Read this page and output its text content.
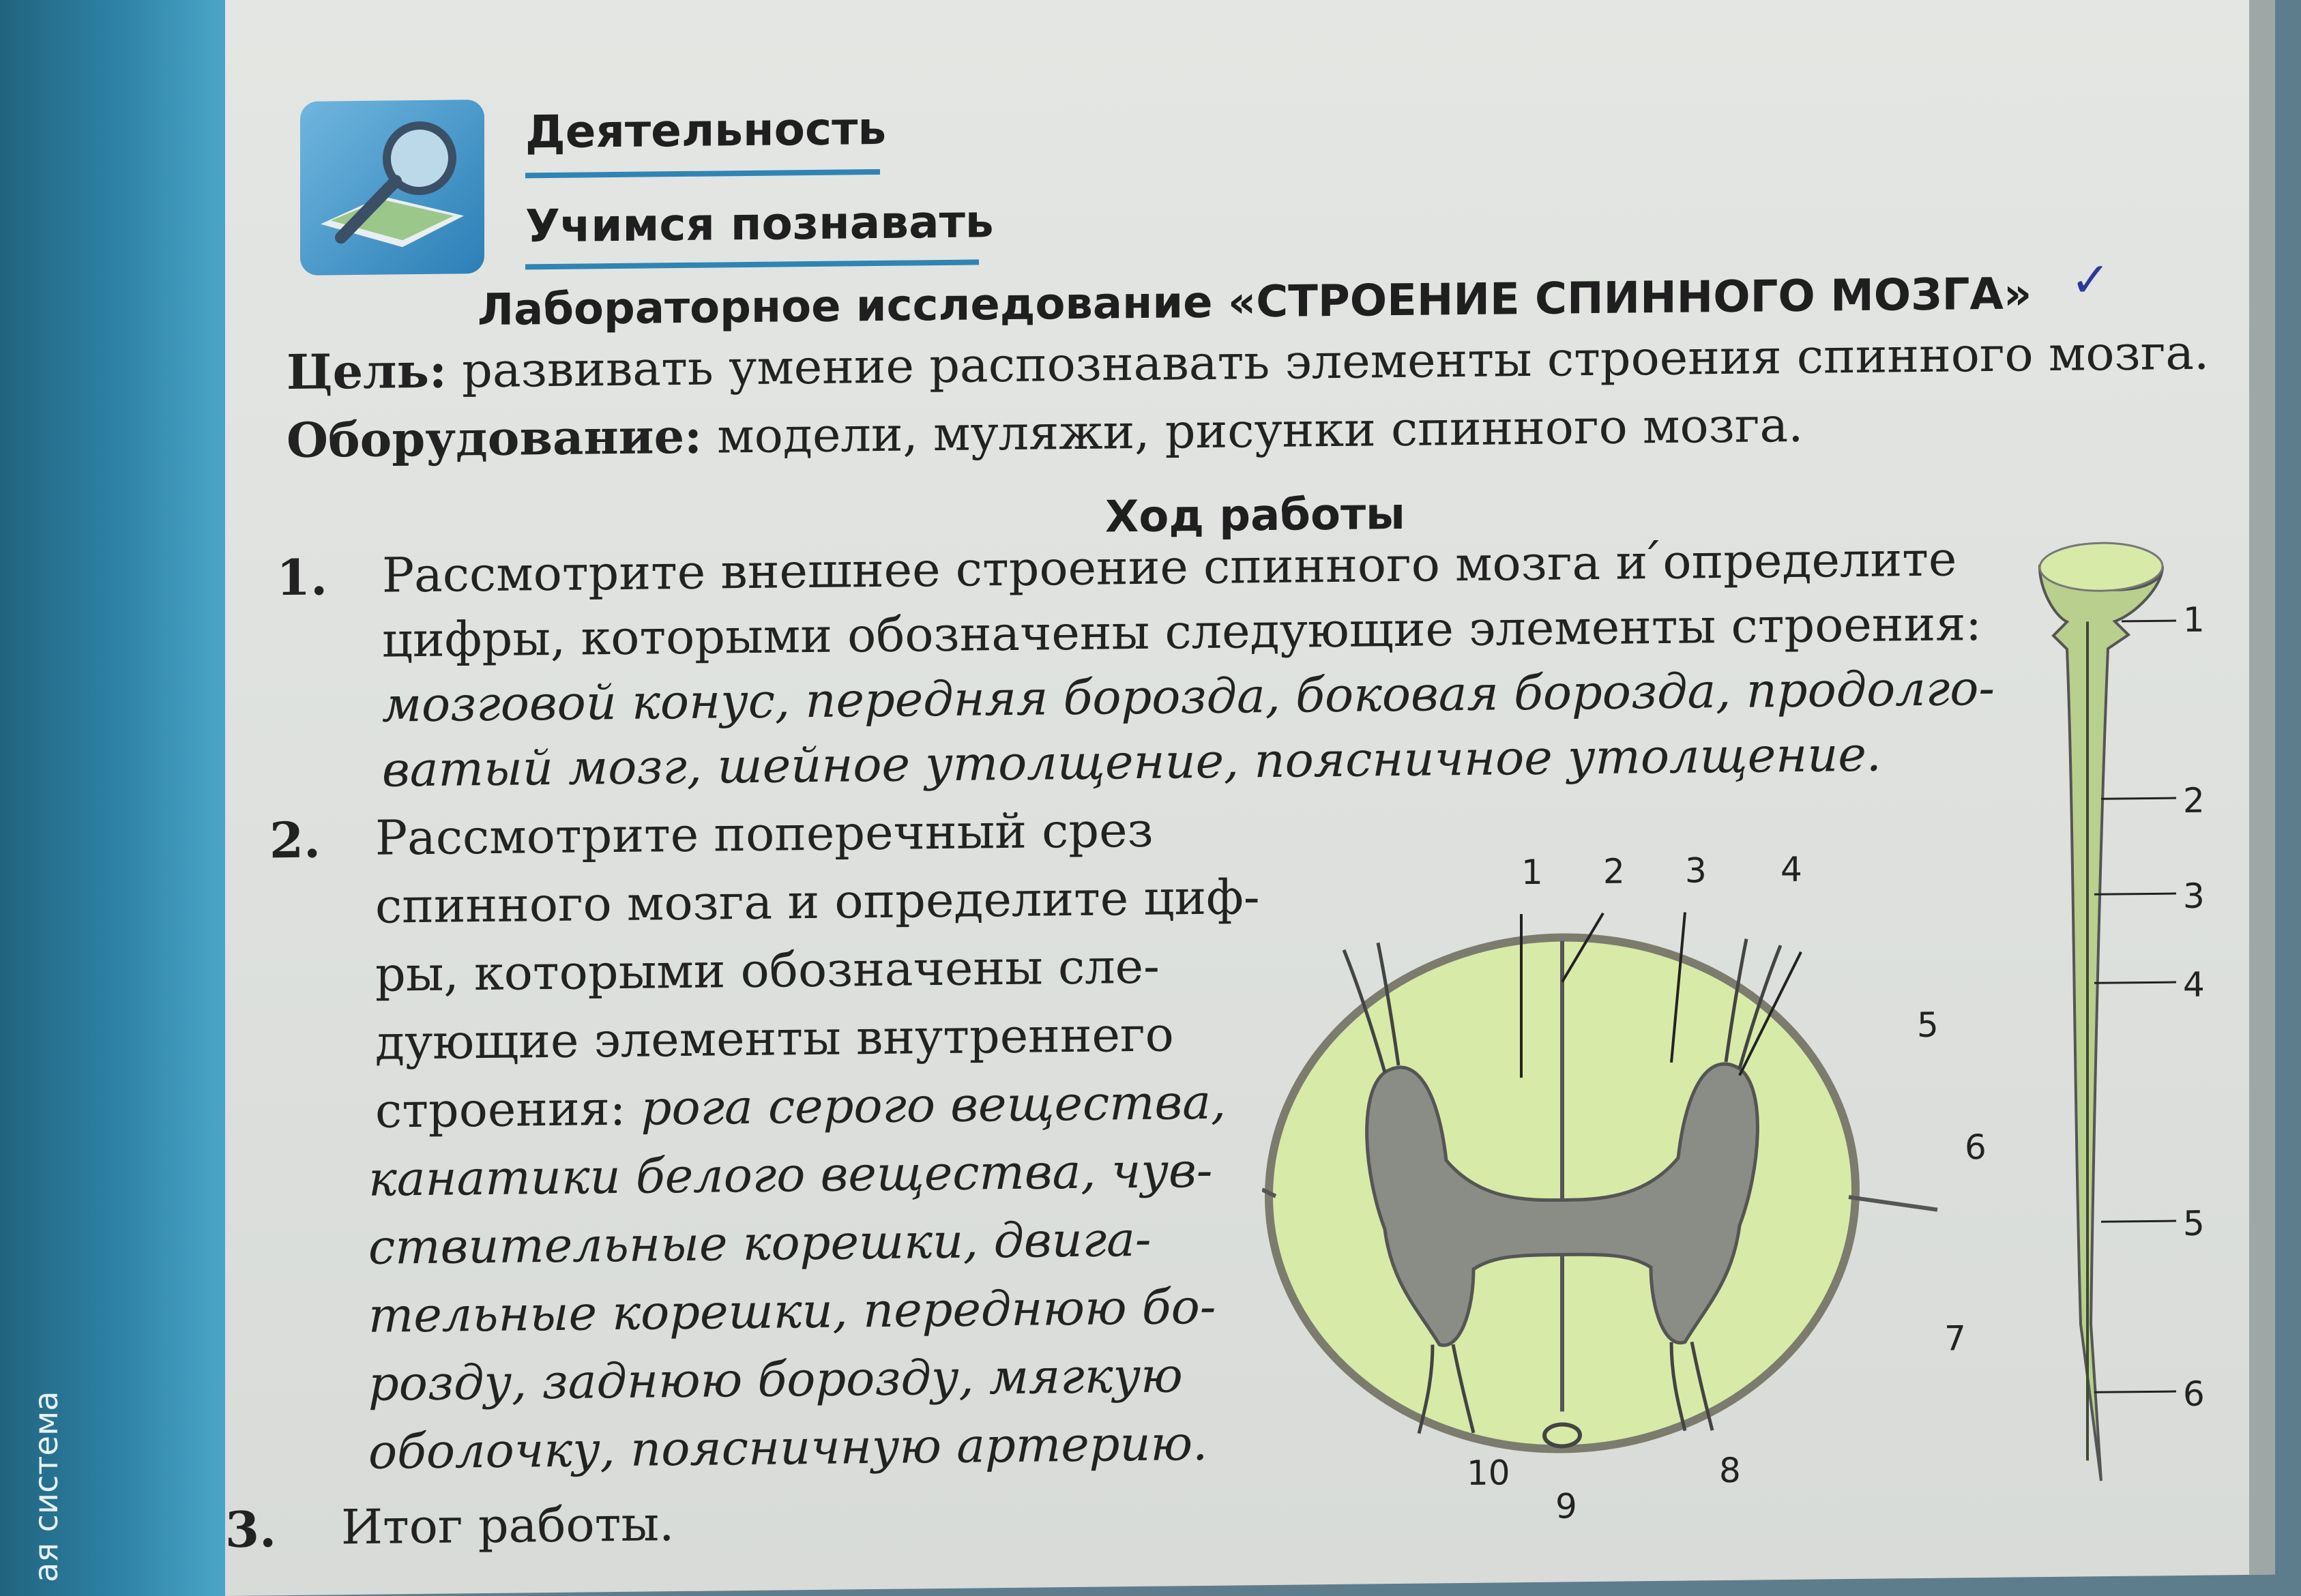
ая система
Деятельность
Учимся познавать
Лабораторное исследование «СТРОЕНИЕ СПИННОГО МОЗГА» ✓
Цель: развивать умение распознавать элементы строения спинного мозга.
Оборудование: модели, муляжи, рисунки спинного мозга.
Ход работы
1. Рассмотрите внешнее строение спинного мозга и ́определите
цифры, которыми обозначены следующие элементы строения:
мозговой конус, передняя борозда, боковая борозда, продолго-
ватый мозг, шейное утолщение, поясничное утолщение.
2. Рассмотрите поперечный срез
спинного мозга и определите циф-
ры, которыми обозначены сле-
дующие элементы внутреннего
строения: рога серого вещества,
канатики белого вещества, чув-
ствительные корешки, двига-
тельные корешки, переднюю бо-
розду, заднюю борозду, мягкую
оболочку, поясничную артерию.
3. Итог работы.
1 2 3 4
5
6
7
8
9
10
1
2
3
4
5
6
